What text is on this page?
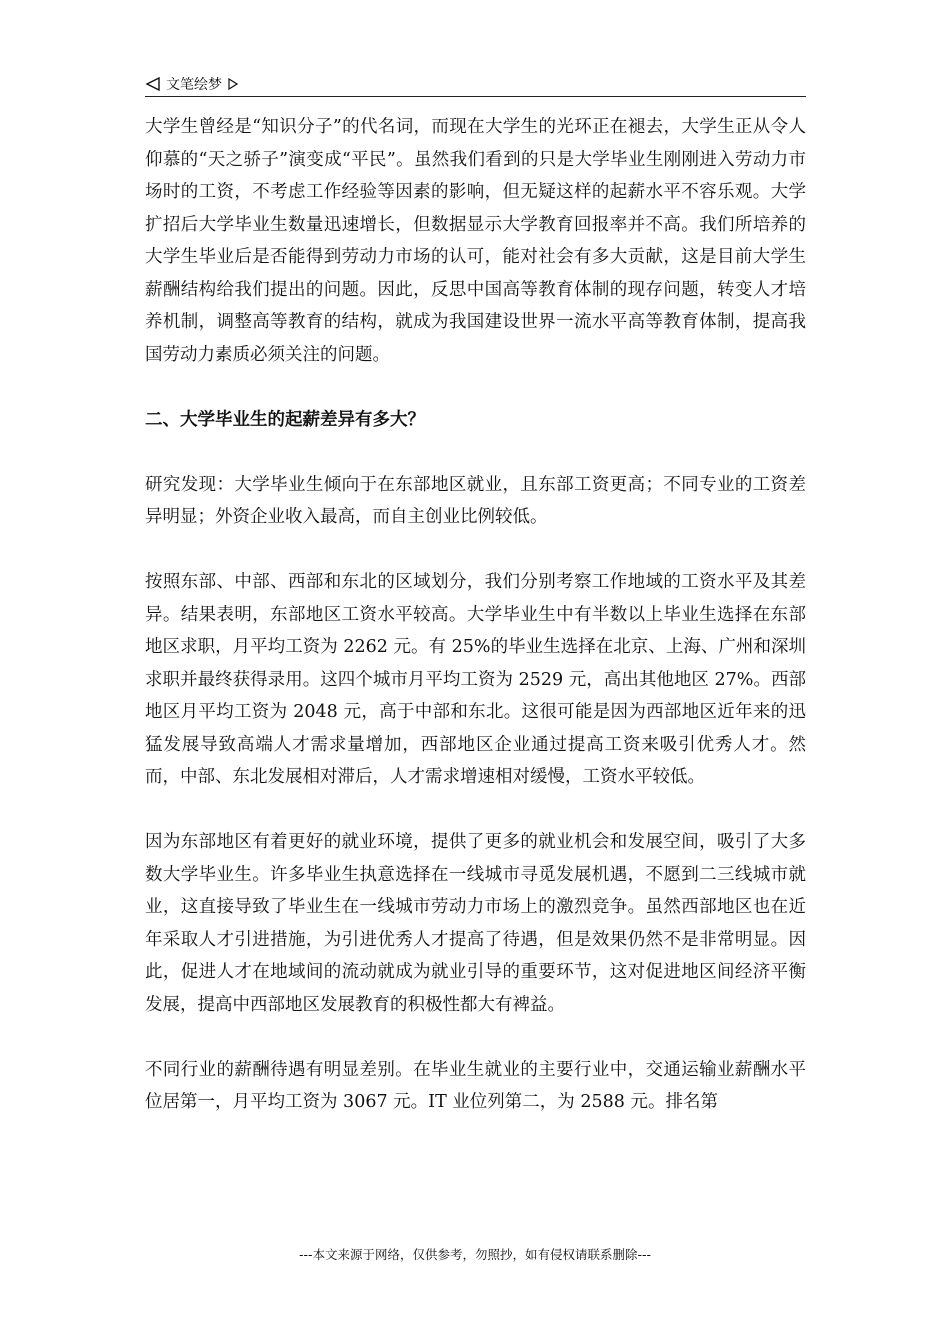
文笔绘梦

大学生曾经是“知识分子”的代名词，而现在大学生的光环正在褪去，大学生正从令人仰慕的“天之骄子”演变成“平民”。虽然我们看到的只是大学毕业生刚刚进入劳动力市场时的工资，不考虑工作经验等因素的影响，但无疑这样的起薪水平不容乐观。大学扩招后大学毕业生数量迅速增长，但数据显示大学教育回报率并不高。我们所培养的大学生毕业后是否能得到劳动力市场的认可，能对社会有多大贡献，这是目前大学生薪酬结构给我们提出的问题。因此，反思中国高等教育体制的现存问题，转变人才培养机制，调整高等教育的结构，就成为我国建设世界一流水平高等教育体制，提高我国劳动力素质必须关注的问题。

二、大学毕业生的起薪差异有多大？

研究发现：大学毕业生倾向于在东部地区就业，且东部工资更高；不同专业的工资差异明显；外资企业收入最高，而自主创业比例较低。

按照东部、中部、西部和东北的区域划分，我们分别考察工作地域的工资水平及其差异。结果表明，东部地区工资水平较高。大学毕业生中有半数以上毕业生选择在东部地区求职，月平均工资为 2262 元。有 25%的毕业生选择在北京、上海、广州和深圳求职并最终获得录用。这四个城市月平均工资为 2529 元，高出其他地区 27%。西部地区月平均工资为 2048 元，高于中部和东北。这很可能是因为西部地区近年来的迅猛发展导致高端人才需求量增加，西部地区企业通过提高工资来吸引优秀人才。然而，中部、东北发展相对滞后，人才需求增速相对缓慢，工资水平较低。

因为东部地区有着更好的就业环境，提供了更多的就业机会和发展空间，吸引了大多数大学毕业生。许多毕业生执意选择在一线城市寻觅发展机遇，不愿到二三线城市就业，这直接导致了毕业生在一线城市劳动力市场上的激烈竞争。虽然西部地区也在近年采取人才引进措施，为引进优秀人才提高了待遇，但是效果仍然不是非常明显。因此，促进人才在地域间的流动就成为就业引导的重要环节，这对促进地区间经济平衡发展，提高中西部地区发展教育的积极性都大有裨益。

不同行业的薪酬待遇有明显差别。在毕业生就业的主要行业中，交通运输业薪酬水平位居第一，月平均工资为 3067 元。IT 业位列第二，为 2588 元。排名第

---本文来源于网络，仅供参考，勿照抄，如有侵权请联系删除---
